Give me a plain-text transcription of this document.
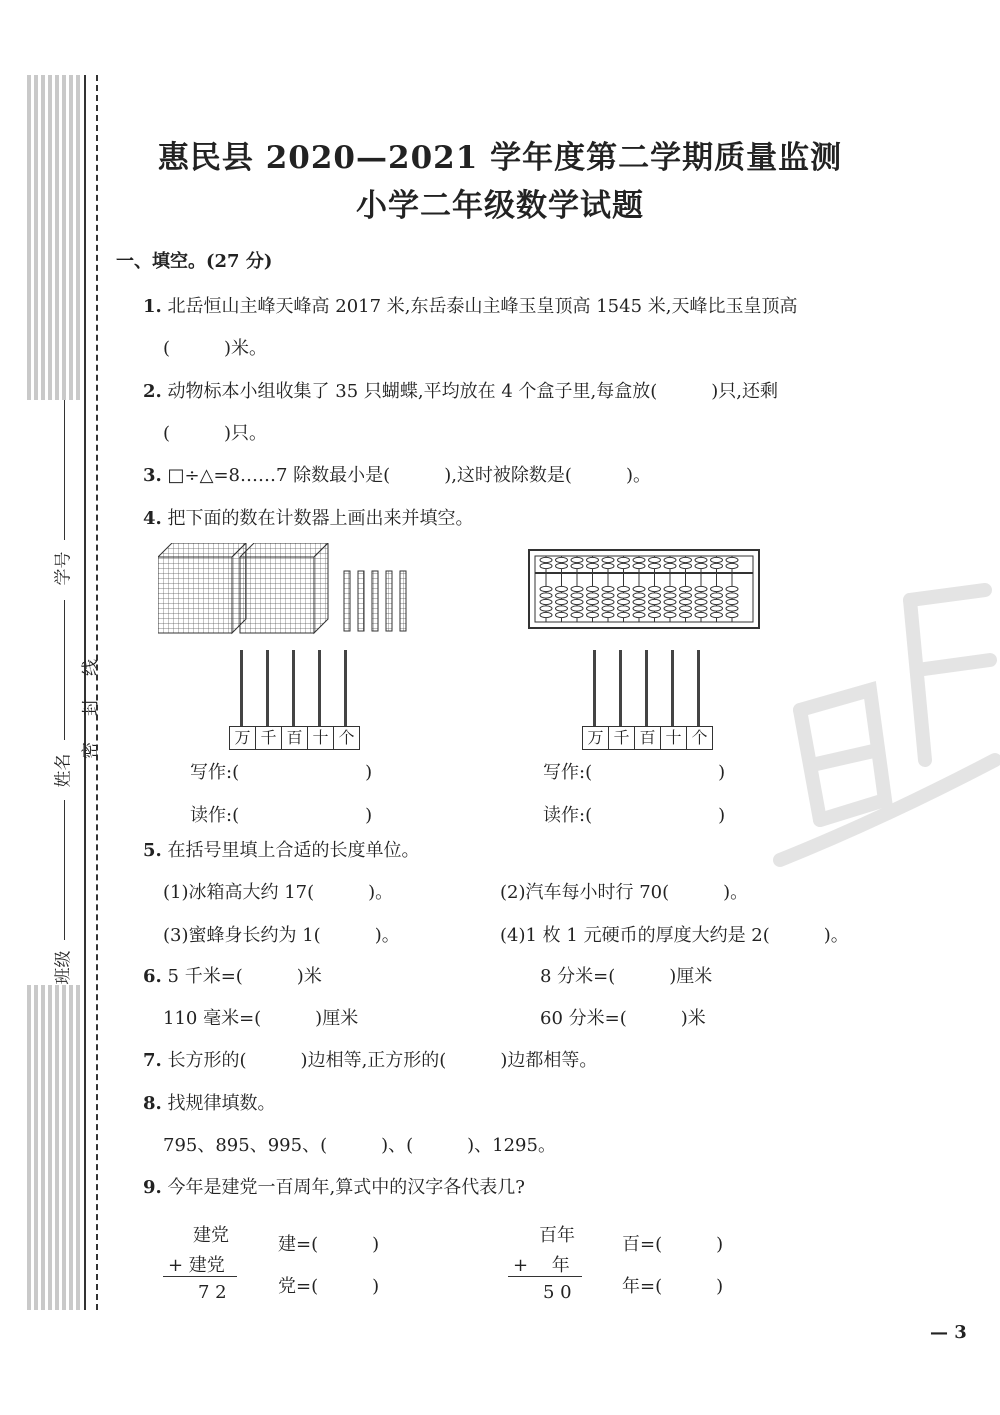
学号
姓名
班级
密
封
线
惠民县 2020—2021 学年度第二学期质量监测
小学二年级数学试题
一、填空。(27 分)
1. 北岳恒山主峰天峰高 2017 米,东岳泰山主峰玉皇顶高 1545 米,天峰比玉皇顶高
(　　　)米。
2. 动物标本小组收集了 35 只蝴蝶,平均放在 4 个盒子里,每盒放(　　　)只,还剩
(　　　)只。
3. □÷△=8……7 除数最小是(　　　),这时被除数是(　　　)。
4. 把下面的数在计数器上画出来并填空。
万 千 百 十 个	万 千 百 十 个
写作:(　　　　　　　)
读作:(　　　　　　　)
写作:(　　　　　　　)
读作:(　　　　　　　)
5. 在括号里填上合适的长度单位。
(1)冰箱高大约 17(　　　)。	(2)汽车每小时行 70(　　　)。
(3)蜜蜂身长约为 1(　　　)。	(4)1 枚 1 元硬币的厚度大约是 2(　　　)。
6. 5 千米=(　　　)米	8 分米=(　　　)厘米
110 毫米=(　　　)厘米	60 分米=(　　　)米
7. 长方形的(　　　)边相等,正方形的(　　　)边都相等。
8. 找规律填数。
795、895、995、(　　　)、(　　　)、1295。
9. 今年是建党一百周年,算式中的汉字各代表几?
建党
+ 建党
7 2
建=(　　　)
党=(　　　)
百年
+ 　年
5 0
百=(　　　)
年=(　　　)
— 3
